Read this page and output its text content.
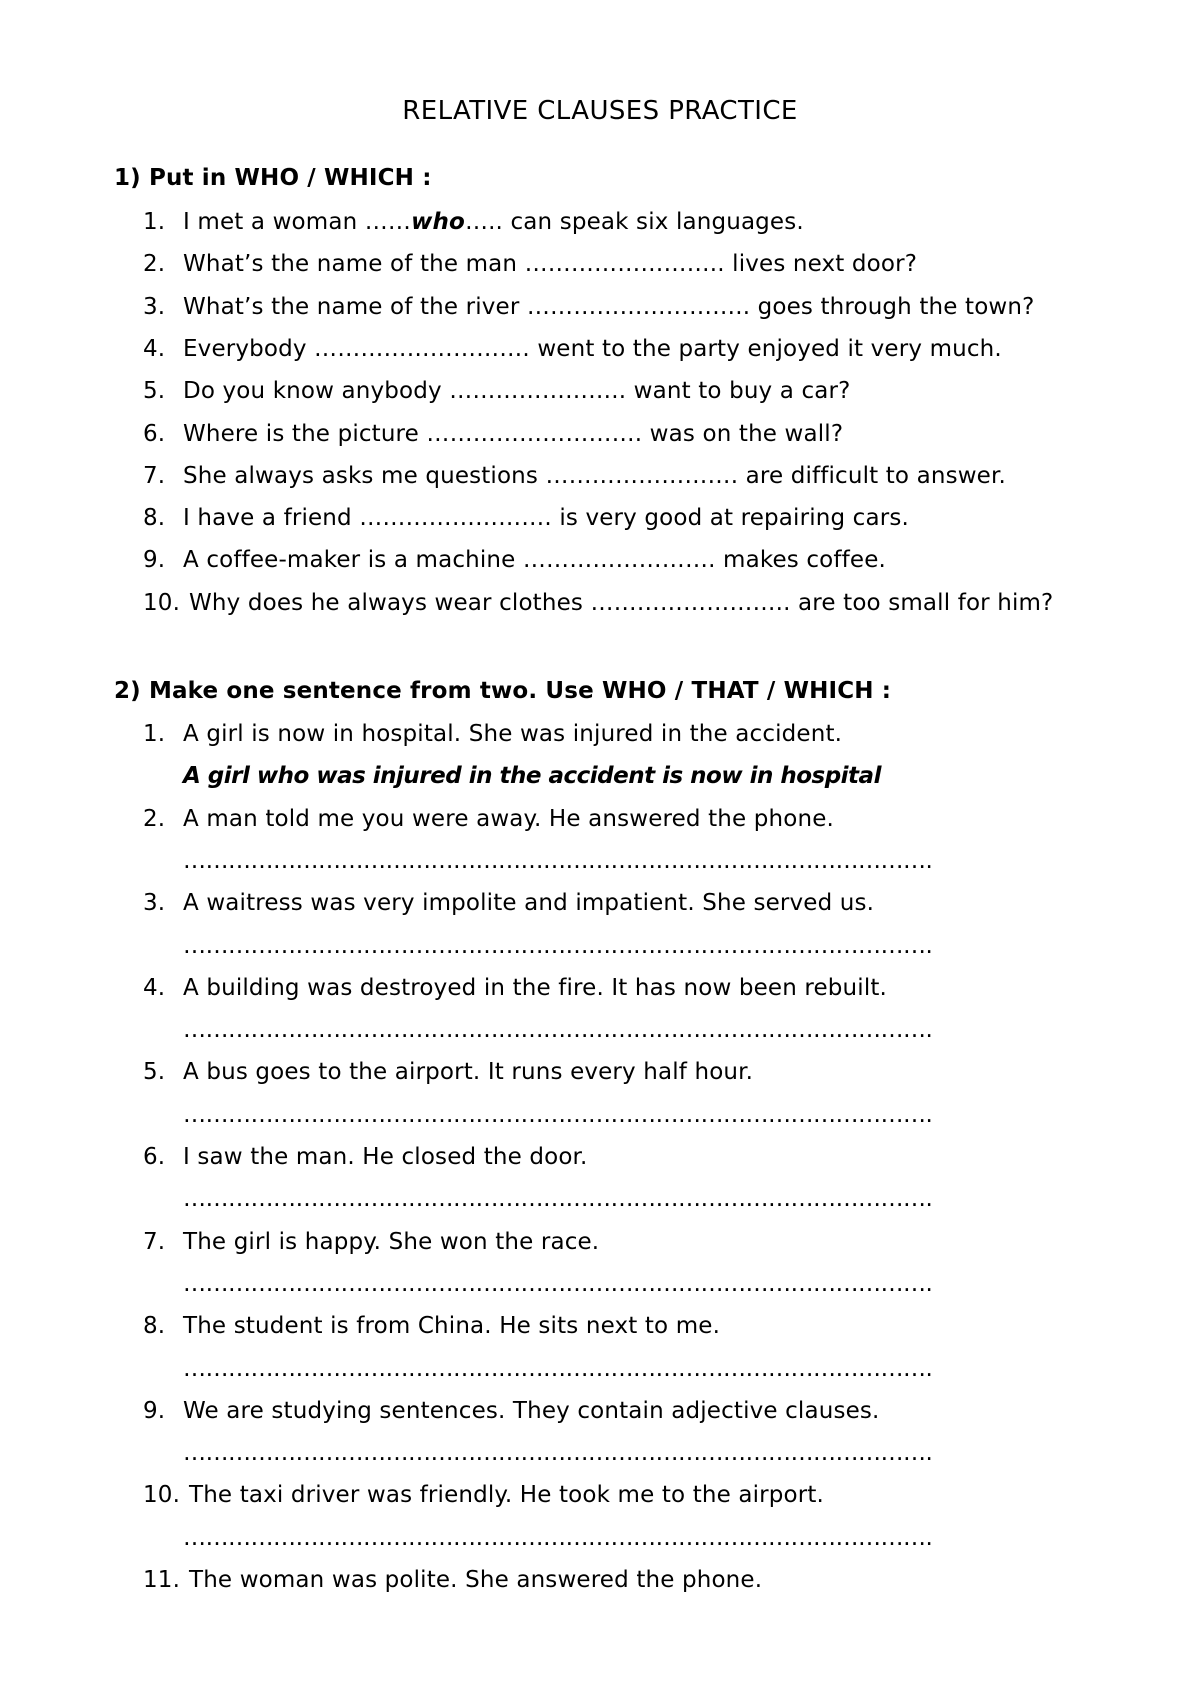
RELATIVE CLAUSES PRACTICE
1) Put in WHO / WHICH :
1. I met a woman ……who….. can speak six languages.
2. What’s the name of the man …………………….. lives next door?
3. What’s the name of the river ……………………….. goes through the town?
4. Everybody ………………………. went to the party enjoyed it very much.
5. Do you know anybody ………………….. want to buy a car?
6. Where is the picture ………………………. was on the wall?
7. She always asks me questions ……………………. are difficult to answer.
8. I have a friend ……………………. is very good at repairing cars.
9. A coffee-maker is a machine ……………………. makes coffee.
10. Why does he always wear clothes …………………….. are too small for him?
2) Make one sentence from two. Use WHO / THAT / WHICH :
1. A girl is now in hospital. She was injured in the accident.
A girl who was injured in the accident is now in hospital
2. A man told me you were away. He answered the phone.
……………………………………………………………………………………….
3. A waitress was very impolite and impatient. She served us.
……………………………………………………………………………………….
4. A building was destroyed in the fire. It has now been rebuilt.
……………………………………………………………………………………….
5. A bus goes to the airport. It runs every half hour.
……………………………………………………………………………………….
6. I saw the man. He closed the door.
……………………………………………………………………………………….
7. The girl is happy. She won the race.
……………………………………………………………………………………….
8. The student is from China. He sits next to me.
……………………………………………………………………………………….
9. We are studying sentences. They contain adjective clauses.
……………………………………………………………………………………….
10. The taxi driver was friendly. He took me to the airport.
……………………………………………………………………………………….
11. The woman was polite. She answered the phone.
